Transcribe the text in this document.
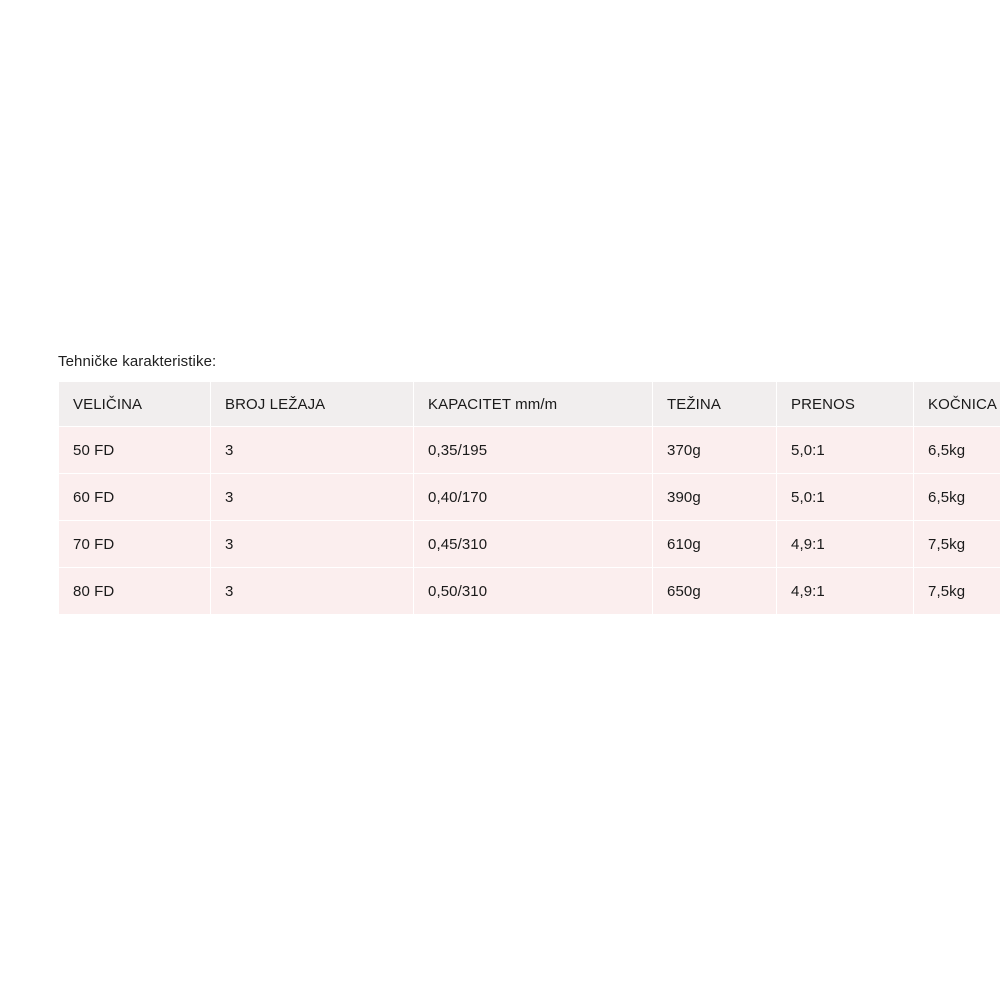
Tehničke karakteristike:
VELIČINA	BROJ LEŽAJA	KAPACITET mm/m	TEŽINA	PRENOS	KOČNICA
50 FD	3	0,35/195	370g	5,0:1	6,5kg
60 FD	3	0,40/170	390g	5,0:1	6,5kg
70 FD	3	0,45/310	610g	4,9:1	7,5kg
80 FD	3	0,50/310	650g	4,9:1	7,5kg
